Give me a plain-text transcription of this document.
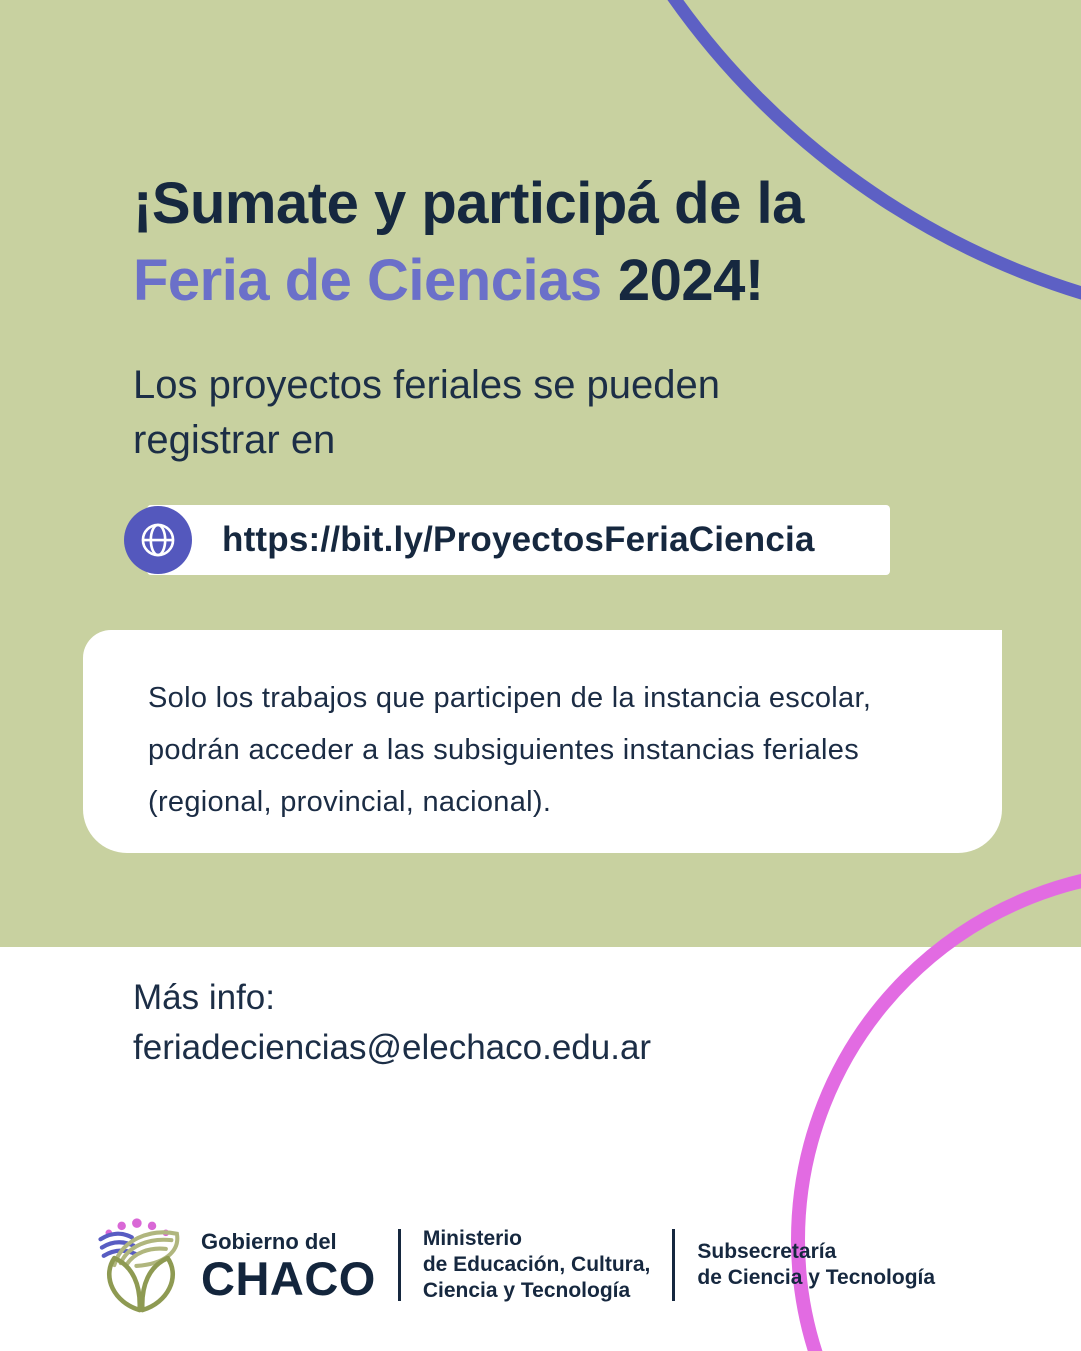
¡Sumate y participá de la
Feria de Ciencias 2024!
Los proyectos feriales se pueden
registrar en
https://bit.ly/ProyectosFeriaCiencia
Solo los trabajos que participen de la instancia escolar,
podrán acceder a las subsiguientes instancias feriales
(regional, provincial, nacional).
Más info:
feriadeciencias@elechaco.edu.ar
Gobierno del
CHACO
Ministerio
de Educación, Cultura,
Ciencia y Tecnología
Subsecretaría
de Ciencia y Tecnología
